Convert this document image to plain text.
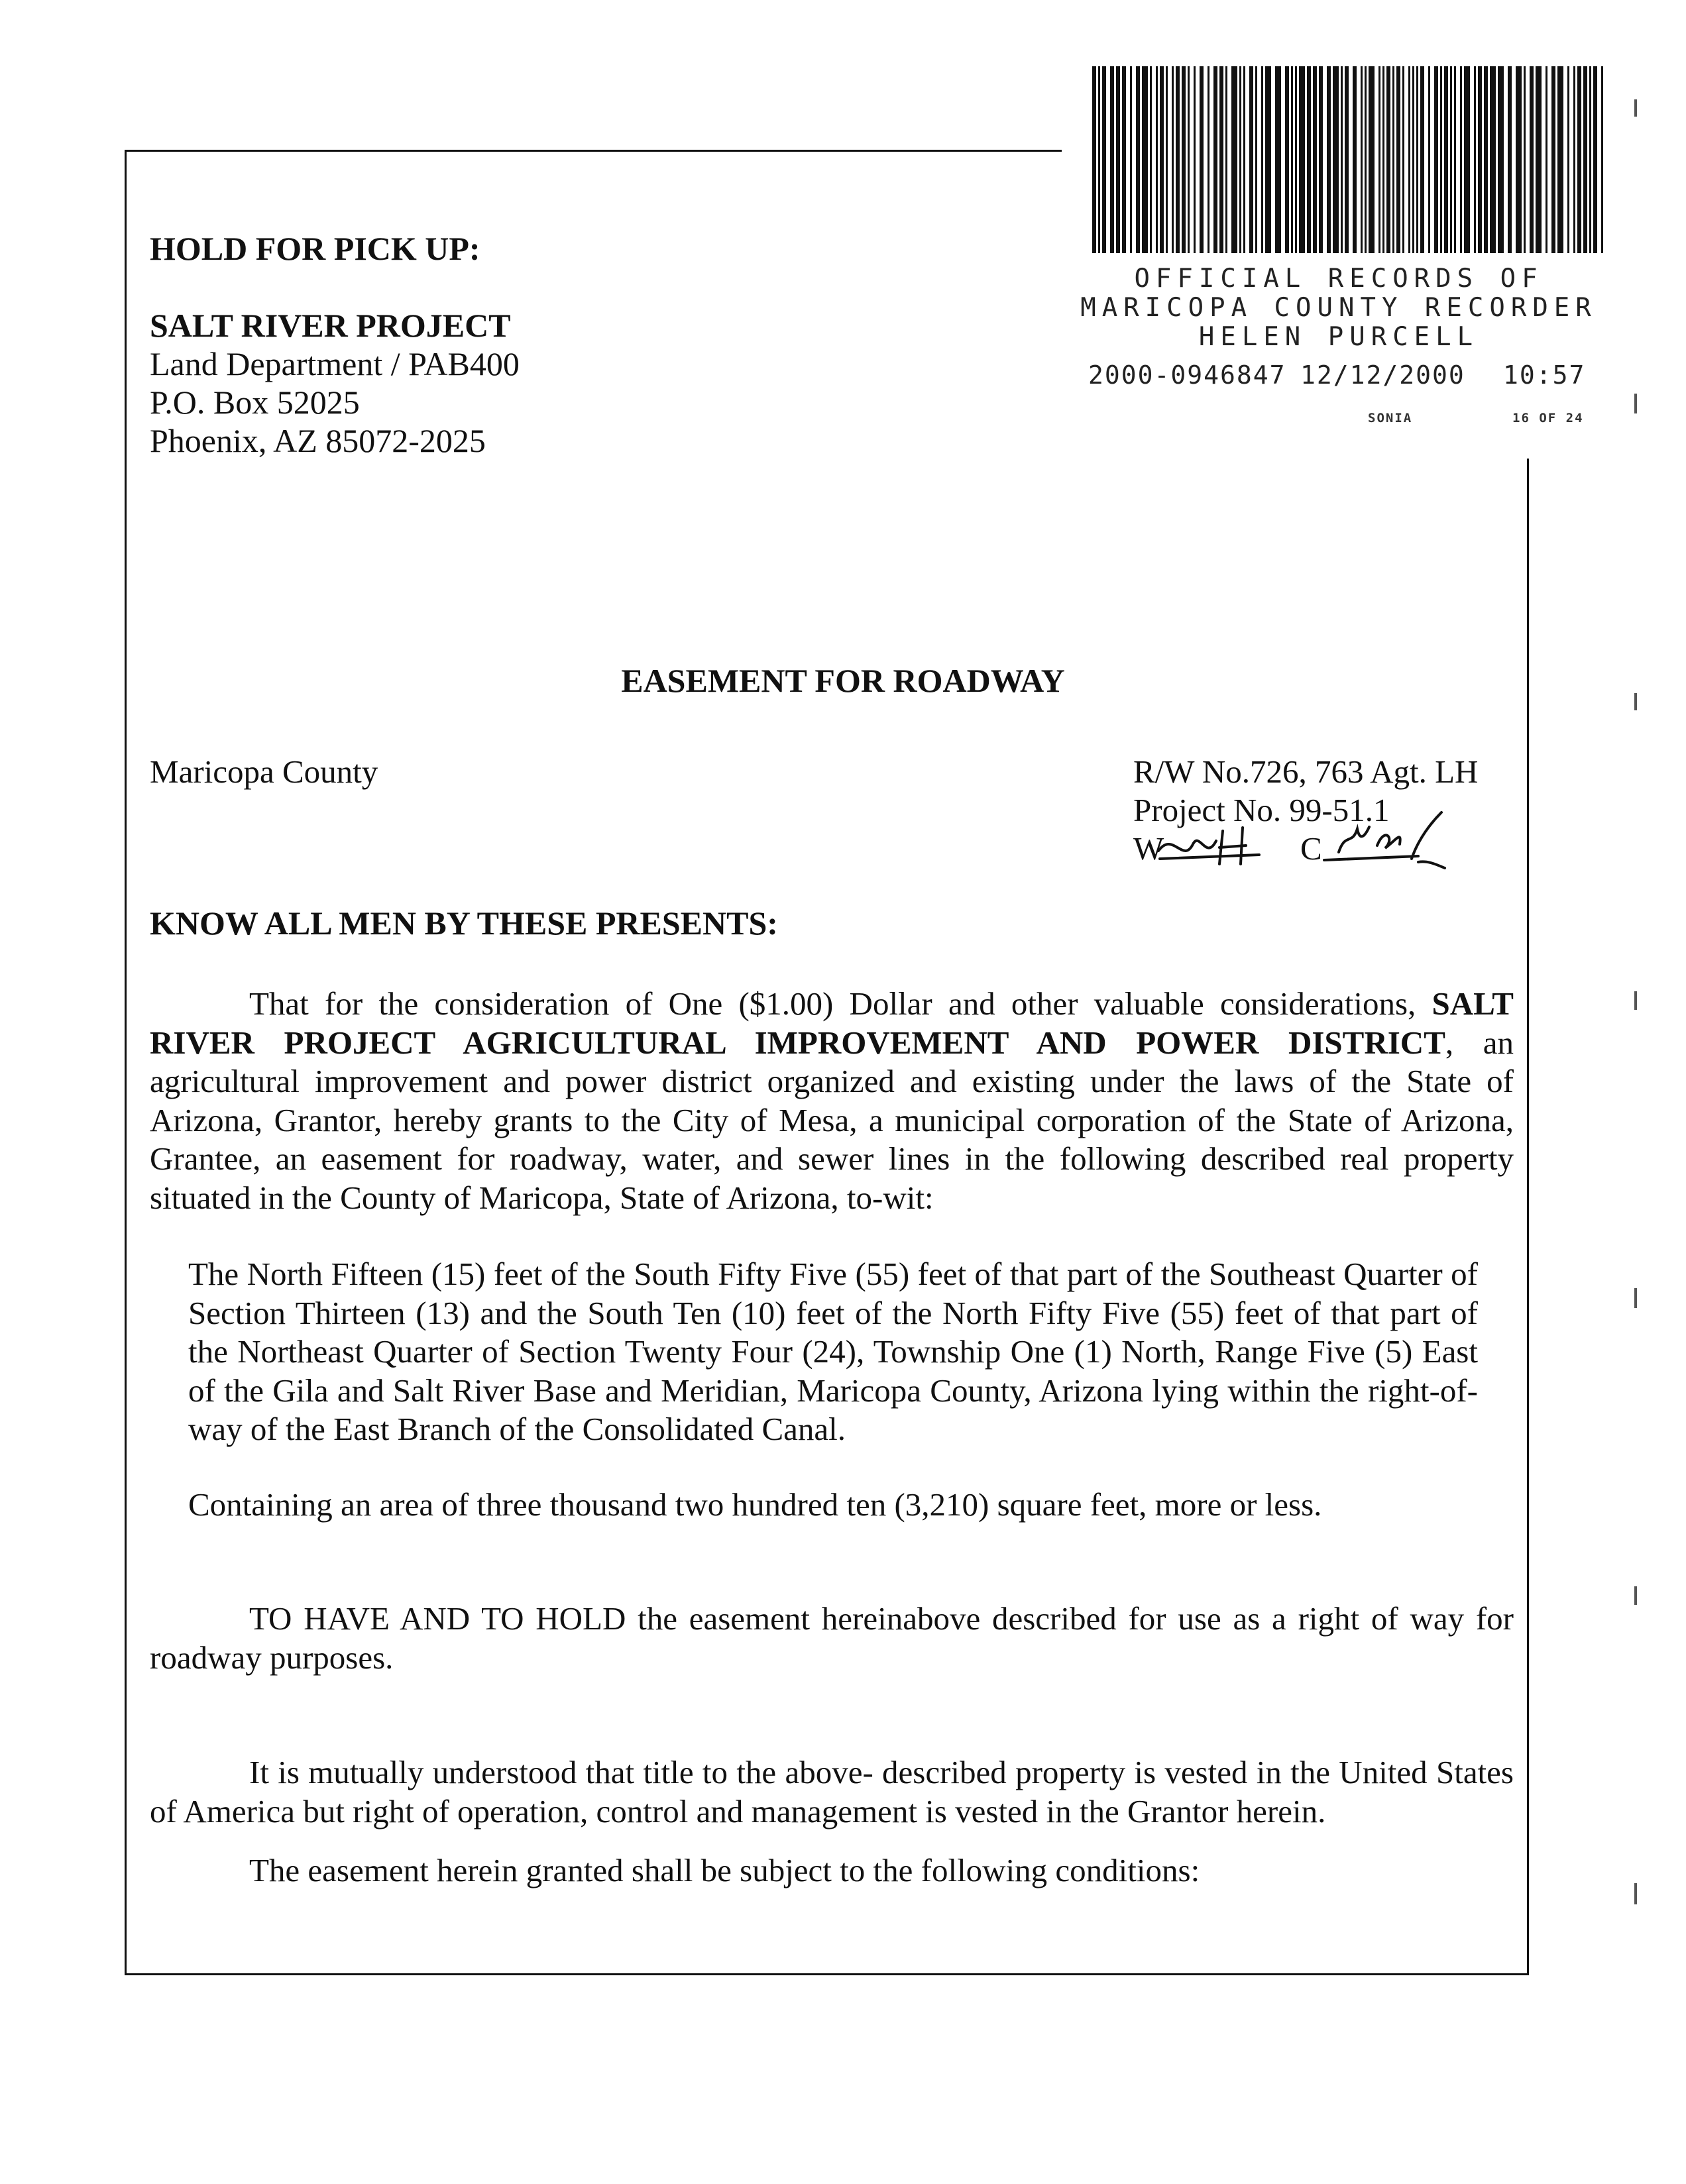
OFFICIAL RECORDS OF
MARICOPA COUNTY RECORDER
HELEN PURCELL
2000-0946847 12/12/2000 10:57
SONIA	16 OF 24
HOLD FOR PICK UP:
SALT RIVER PROJECT
Land Department / PAB400
P.O. Box 52025
Phoenix, AZ 85072-2025
EASEMENT FOR ROADWAY
Maricopa County	R/W No.726, 763 Agt. LH
Project No. 99-51.1
W	C
KNOW ALL MEN BY THESE PRESENTS:
That for the consideration of One ($1.00) Dollar and other valuable considerations, SALT RIVER PROJECT AGRICULTURAL IMPROVEMENT AND POWER DISTRICT, an agricultural improvement and power district organized and existing under the laws of the State of Arizona, Grantor, hereby grants to the City of Mesa, a municipal corporation of the State of Arizona, Grantee, an easement for roadway, water, and sewer lines in the following described real property situated in the County of Maricopa, State of Arizona, to-wit:
The North Fifteen (15) feet of the South Fifty Five (55) feet of that part of the Southeast Quarter of Section Thirteen (13) and the South Ten (10) feet of the North Fifty Five (55) feet of that part of the Northeast Quarter of Section Twenty Four (24), Township One (1) North, Range Five (5) East of the Gila and Salt River Base and Meridian, Maricopa County, Arizona lying within the right-of-way of the East Branch of the Consolidated Canal.
Containing an area of three thousand two hundred ten (3,210) square feet, more or less.
TO HAVE AND TO HOLD the easement hereinabove described for use as a right of way for roadway purposes.
It is mutually understood that title to the above- described property is vested in the United States of America but right of operation, control and management is vested in the Grantor herein.
The easement herein granted shall be subject to the following conditions:
